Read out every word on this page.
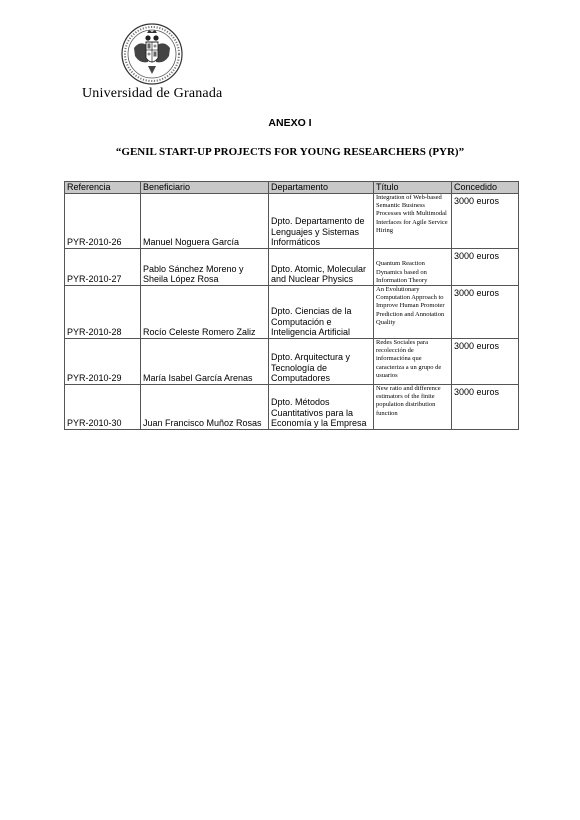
Universidad de Granada
ANEXO I
“GENIL START-UP PROJECTS FOR YOUNG RESEARCHERS (PYR)”
Referencia	Beneficiario	Departamento	Título	Concedido
PYR-2010-26	Manuel Noguera García	Dpto. Departamento de Lenguajes y Sistemas Informáticos	Integration of Web-based Semantic Business Processes with Multimodal Interfaces for Agile Service Hiring	3000 euros
PYR-2010-27	Pablo Sánchez Moreno y Sheila López Rosa	Dpto. Atomic, Molecular and Nuclear Physics	Quantum Reaction Dynamics based on Information Theory	3000 euros
PYR-2010-28	Rocío Celeste Romero Zaliz	Dpto. Ciencias de la Computación e Inteligencia Artificial	An Evolutionary Computation Approach to Improve Human Promoter Prediction and Annotation Quality	3000 euros
PYR-2010-29	María Isabel García Arenas	Dpto. Arquitectura y Tecnología de Computadores	Redes Sociales para recolección de informacióna que caracteriza a un grupo de usuarios	3000 euros
PYR-2010-30	Juan Francisco Muñoz Rosas	Dpto. Métodos Cuantitativos para la Economía y la Empresa	New ratio and difference estimators of the finite population distribution function	3000 euros
